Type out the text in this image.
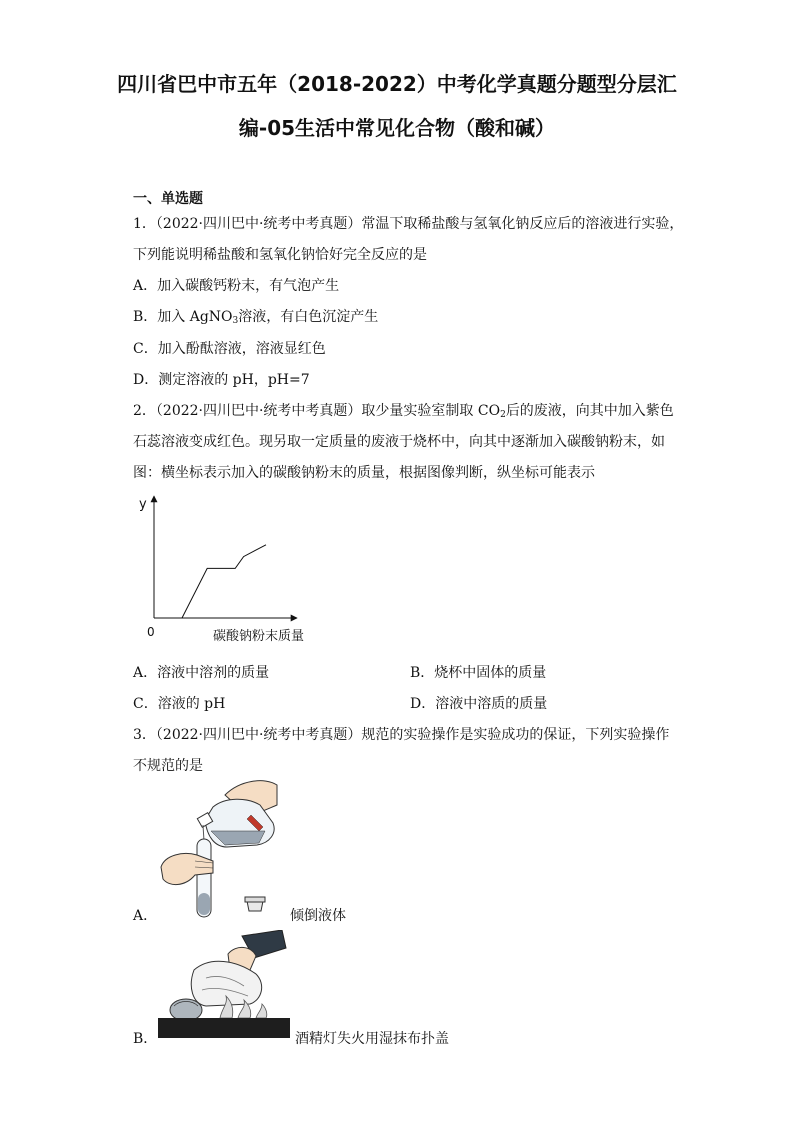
四川省巴中市五年（2018-2022）中考化学真题分题型分层汇
编-05生活中常见化合物（酸和碱）
一、单选题
1．（2022·四川巴中·统考中考真题）常温下取稀盐酸与氢氧化钠反应后的溶液进行实验，
下列能说明稀盐酸和氢氧化钠恰好完全反应的是
A．加入碳酸钙粉末，有气泡产生
B．加入 AgNO$_3$溶液，有白色沉淀产生
C．加入酚酞溶液，溶液显红色
D．测定溶液的 pH，pH=7
2．（2022·四川巴中·统考中考真题）取少量实验室制取 $CO_2$后的废液，向其中加入紫色
石蕊溶液变成红色。现另取一定质量的废液于烧杯中，向其中逐渐加入碳酸钠粉末，如
图：横坐标表示加入的碳酸钠粉末的质量，根据图像判断，纵坐标可能表示
y
0	碳酸钠粉末质量
A．溶液中溶剂的质量	B．烧杯中固体的质量
C．溶液的 pH	D．溶液中溶质的质量
3．（2022·四川巴中·统考中考真题）规范的实验操作是实验成功的保证，下列实验操作
不规范的是
A．	倾倒液体
B．	酒精灯失火用湿抹布扑盖
